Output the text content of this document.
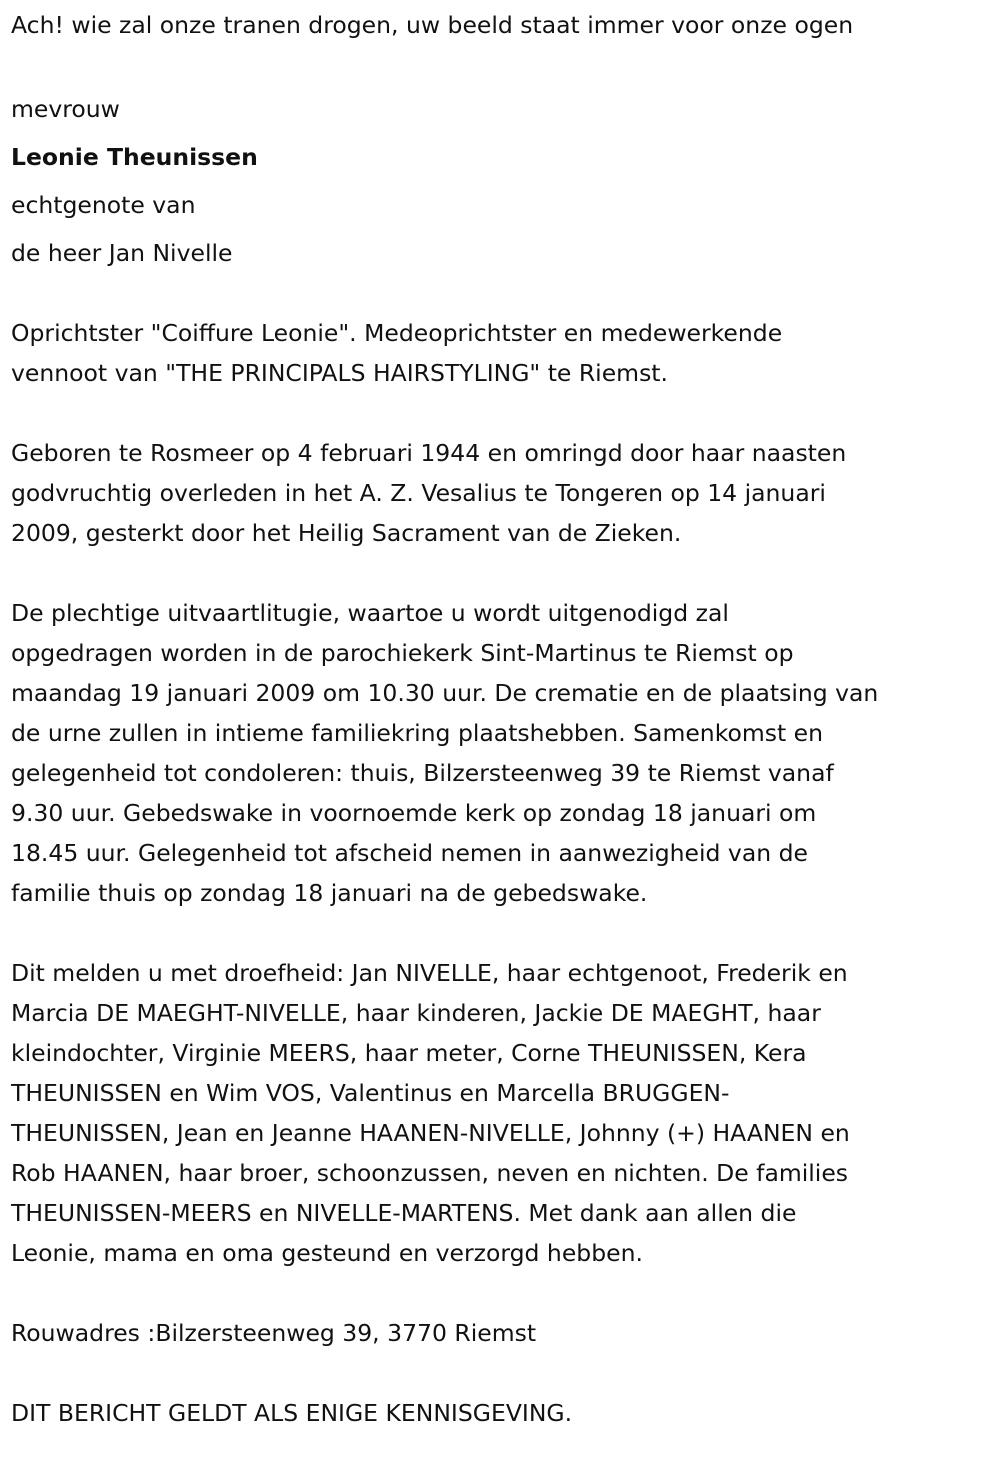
Ach! wie zal onze tranen drogen, uw beeld staat immer voor onze ogen
mevrouw
Leonie Theunissen
echtgenote van
de heer Jan Nivelle
Oprichtster "Coiffure Leonie". Medeoprichtster en medewerkende
vennoot van "THE PRINCIPALS HAIRSTYLING" te Riemst.
Geboren te Rosmeer op 4 februari 1944 en omringd door haar naasten
godvruchtig overleden in het A. Z. Vesalius te Tongeren op 14 januari
2009, gesterkt door het Heilig Sacrament van de Zieken.
De plechtige uitvaartlitugie, waartoe u wordt uitgenodigd zal
opgedragen worden in de parochiekerk Sint-Martinus te Riemst op
maandag 19 januari 2009 om 10.30 uur. De crematie en de plaatsing van
de urne zullen in intieme familiekring plaatshebben. Samenkomst en
gelegenheid tot condoleren: thuis, Bilzersteenweg 39 te Riemst vanaf
9.30 uur. Gebedswake in voornoemde kerk op zondag 18 januari om
18.45 uur. Gelegenheid tot afscheid nemen in aanwezigheid van de
familie thuis op zondag 18 januari na de gebedswake.
Dit melden u met droefheid: Jan NIVELLE, haar echtgenoot, Frederik en
Marcia DE MAEGHT-NIVELLE, haar kinderen, Jackie DE MAEGHT, haar
kleindochter, Virginie MEERS, haar meter, Corne THEUNISSEN, Kera
THEUNISSEN en Wim VOS, Valentinus en Marcella BRUGGEN-
THEUNISSEN, Jean en Jeanne HAANEN-NIVELLE, Johnny (+) HAANEN en
Rob HAANEN, haar broer, schoonzussen, neven en nichten. De families
THEUNISSEN-MEERS en NIVELLE-MARTENS. Met dank aan allen die
Leonie, mama en oma gesteund en verzorgd hebben.
Rouwadres :Bilzersteenweg 39, 3770 Riemst
DIT BERICHT GELDT ALS ENIGE KENNISGEVING.
